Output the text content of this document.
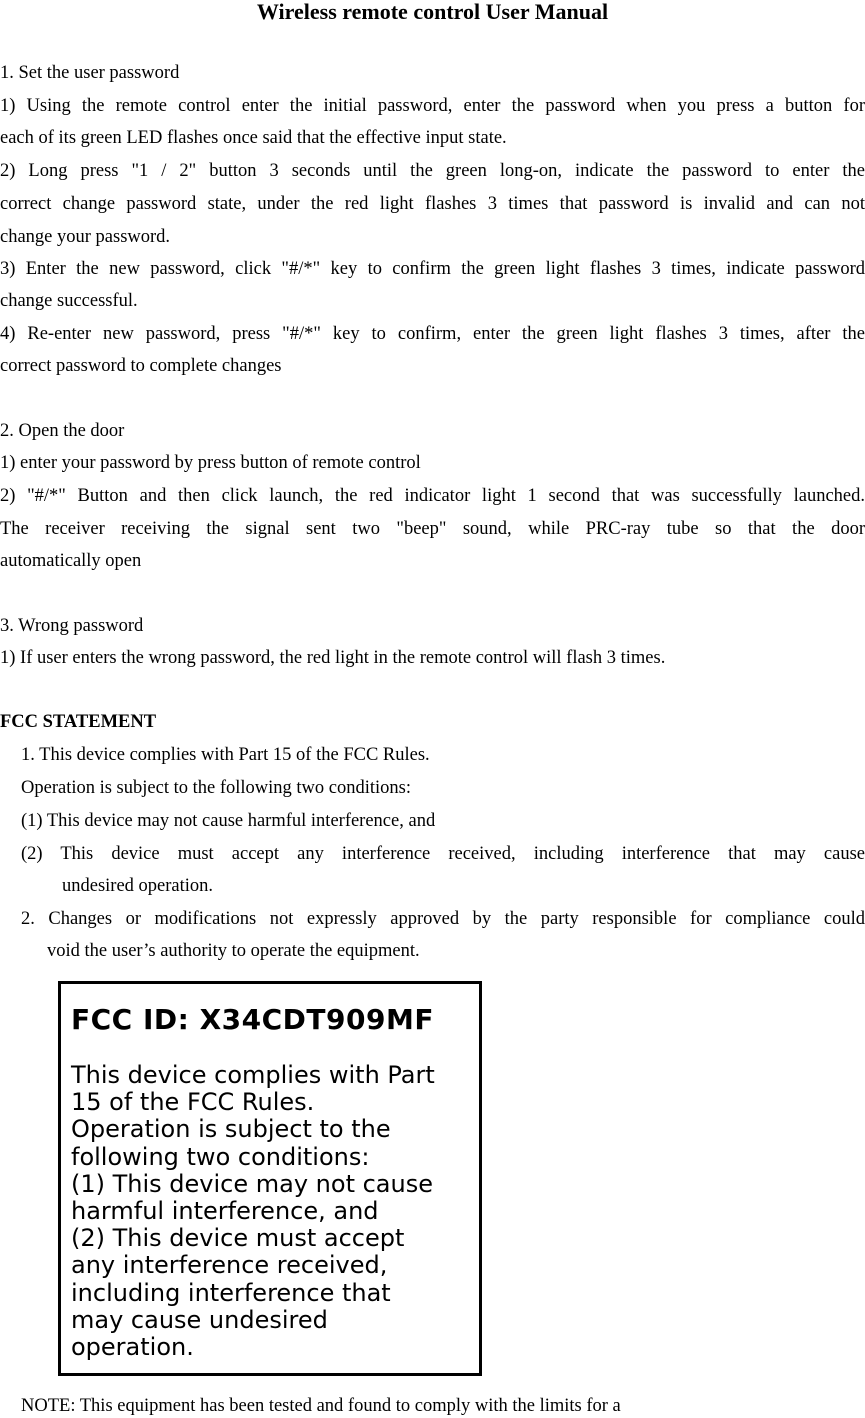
Wireless remote control User Manual
1. Set the user password
1) Using the remote control enter the initial password, enter the password when you press a button for
each of its green LED flashes once said that the effective input state.
2) Long press "1 / 2" button 3 seconds until the green long-on, indicate the password to enter the
correct change password state, under the red light flashes 3 times that password is invalid and can not
change your password.
3) Enter the new password, click "#/*" key to confirm the green light flashes 3 times, indicate password
change successful.
4) Re-enter new password, press "#/*" key to confirm, enter the green light flashes 3 times, after the
correct password to complete changes
2. Open the door
1) enter your password by press button of remote control
2) "#/*" Button and then click launch, the red indicator light 1 second that was successfully launched.
The receiver receiving the signal sent two "beep" sound, while PRC-ray tube so that the door
automatically open
3. Wrong password
1) If user enters the wrong password, the red light in the remote control will flash 3 times.
FCC STATEMENT
1. This device complies with Part 15 of the FCC Rules.
Operation is subject to the following two conditions:
(1) This device may not cause harmful interference, and
(2) This device must accept any interference received, including interference that may cause
undesired operation.
2. Changes or modifications not expressly approved by the party responsible for compliance could
void the user’s authority to operate the equipment.
FCC ID: X34CDT909MF
This device complies with Part
15 of the FCC Rules.
Operation is subject to the
following two conditions:
(1) This device may not cause
harmful interference, and
(2) This device must accept
any interference received,
including interference that
may cause undesired
operation.
NOTE: This equipment has been tested and found to comply with the limits for a
